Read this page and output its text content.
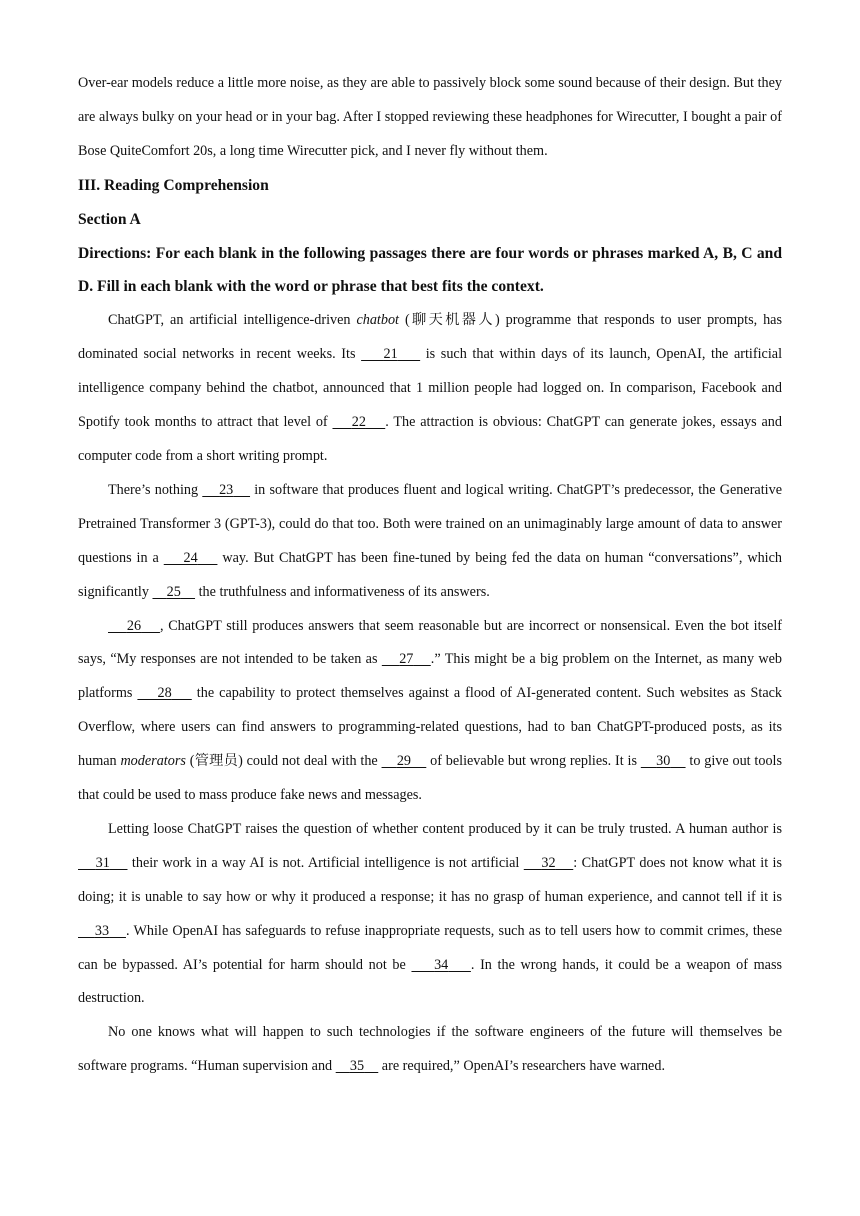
Over-ear models reduce a little more noise, as they are able to passively block some sound because of their design. But they are always bulky on your head or in your bag. After I stopped reviewing these headphones for Wirecutter, I bought a pair of Bose QuiteComfort 20s, a long time Wirecutter pick, and I never fly without them.

III. Reading Comprehension

Section A

Directions: For each blank in the following passages there are four words or phrases marked A, B, C and D. Fill in each blank with the word or phrase that best fits the context.

ChatGPT, an artificial intelligence-driven chatbot (聊天机器人) programme that responds to user prompts, has dominated social networks in recent weeks. Its 21 is such that within days of its launch, OpenAI, the artificial intelligence company behind the chatbot, announced that 1 million people had logged on. In comparison, Facebook and Spotify took months to attract that level of 22 . The attraction is obvious: ChatGPT can generate jokes, essays and computer code from a short writing prompt.

There’s nothing 23 in software that produces fluent and logical writing. ChatGPT’s predecessor, the Generative Pretrained Transformer 3 (GPT-3), could do that too. Both were trained on an unimaginably large amount of data to answer questions in a 24 way. But ChatGPT has been fine-tuned by being fed the data on human “conversations”, which significantly 25 the truthfulness and informativeness of its answers.

26 , ChatGPT still produces answers that seem reasonable but are incorrect or nonsensical. Even the bot itself says, “My responses are not intended to be taken as 27 .” This might be a big problem on the Internet, as many web platforms 28 the capability to protect themselves against a flood of AI-generated content. Such websites as Stack Overflow, where users can find answers to programming-related questions, had to ban ChatGPT-produced posts, as its human moderators (管理员) could not deal with the 29 of believable but wrong replies. It is 30 to give out tools that could be used to mass produce fake news and messages.

Letting loose ChatGPT raises the question of whether content produced by it can be truly trusted. A human author is 31 their work in a way AI is not. Artificial intelligence is not artificial 32 : ChatGPT does not know what it is doing; it is unable to say how or why it produced a response; it has no grasp of human experience, and cannot tell if it is 33 . While OpenAI has safeguards to refuse inappropriate requests, such as to tell users how to commit crimes, these can be bypassed. AI’s potential for harm should not be 34 . In the wrong hands, it could be a weapon of mass destruction.

No one knows what will happen to such technologies if the software engineers of the future will themselves be software programs. “Human supervision and 35 are required,” OpenAI’s researchers have warned.
